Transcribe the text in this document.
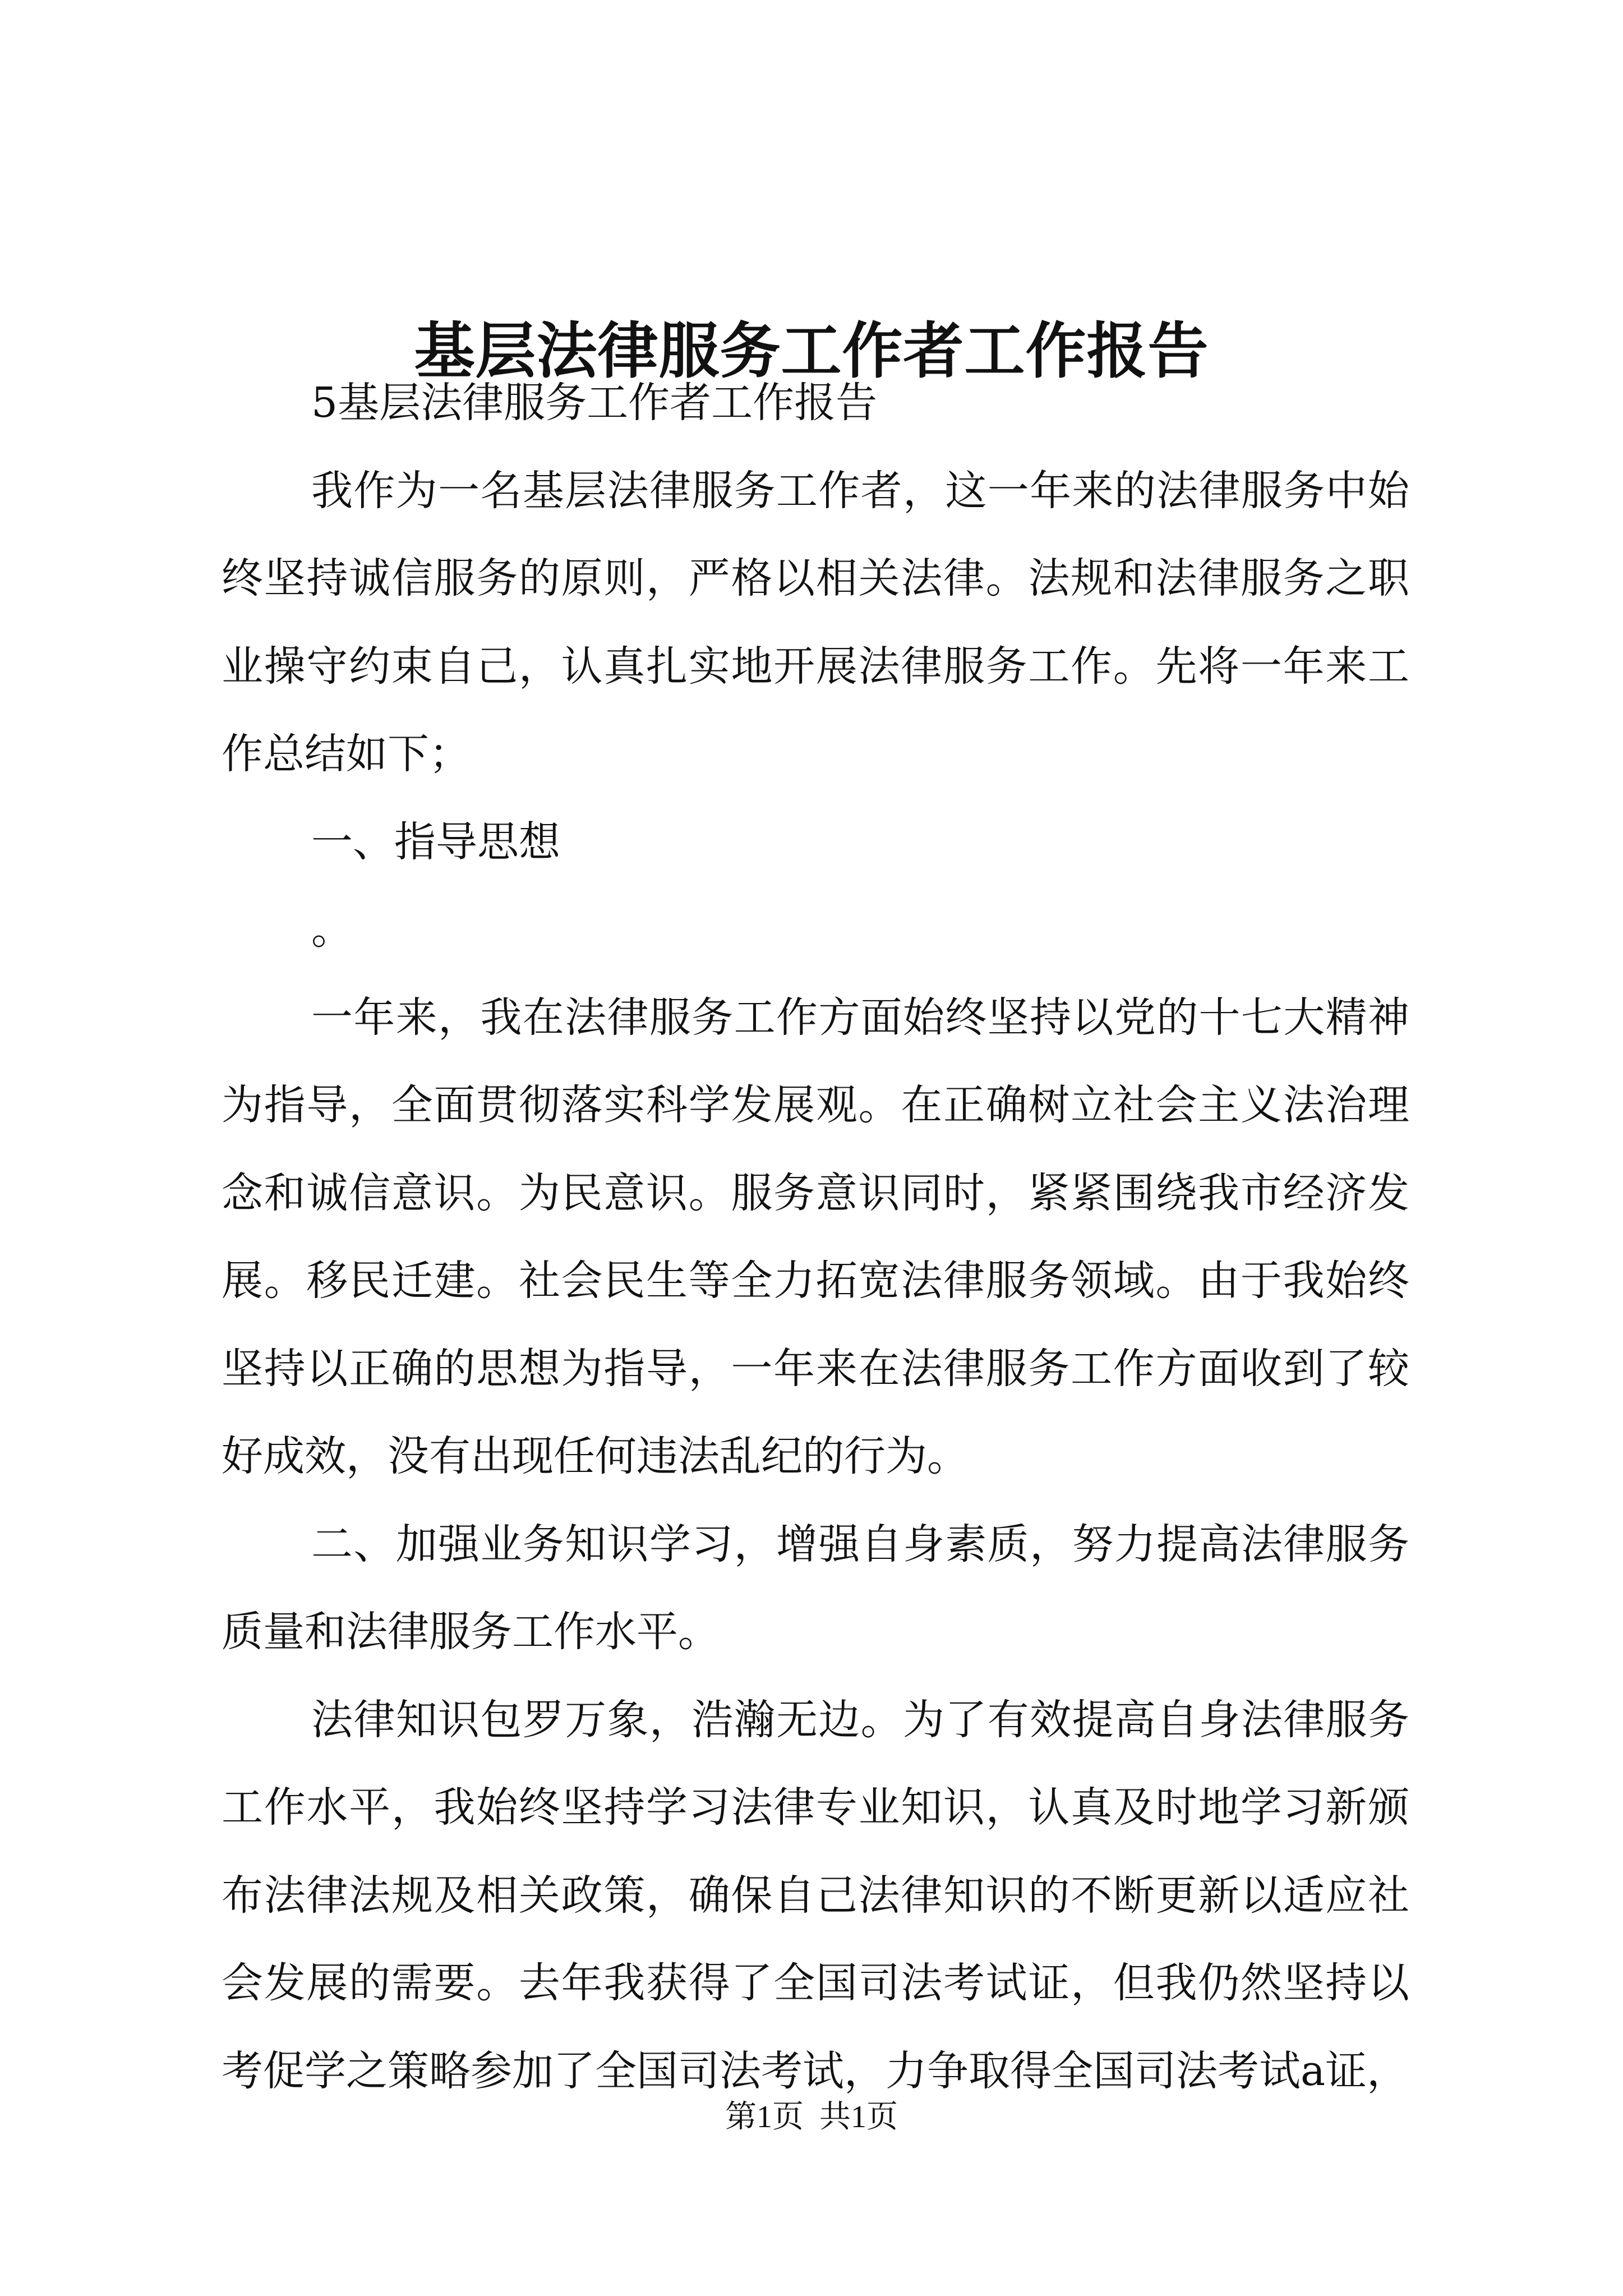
基层法律服务工作者工作报告

5基层法律服务工作者工作报告

我作为一名基层法律服务工作者，这一年来的法律服务中始终坚持诚信服务的原则，严格以相关法律。法规和法律服务之职业操守约束自己，认真扎实地开展法律服务工作。先将一年来工作总结如下；

一、指导思想

。

一年来，我在法律服务工作方面始终坚持以党的十七大精神为指导，全面贯彻落实科学发展观。在正确树立社会主义法治理念和诚信意识。为民意识。服务意识同时，紧紧围绕我市经济发展。移民迁建。社会民生等全力拓宽法律服务领域。由于我始终坚持以正确的思想为指导，一年来在法律服务工作方面收到了较好成效，没有出现任何违法乱纪的行为。

二、加强业务知识学习，增强自身素质，努力提高法律服务质量和法律服务工作水平。

法律知识包罗万象，浩瀚无边。为了有效提高自身法律服务工作水平，我始终坚持学习法律专业知识，认真及时地学习新颁布法律法规及相关政策，确保自己法律知识的不断更新以适应社会发展的需要。去年我获得了全国司法考试证，但我仍然坚持以考促学之策略参加了全国司法考试，力争取得全国司法考试a证，

第1页 共1页
